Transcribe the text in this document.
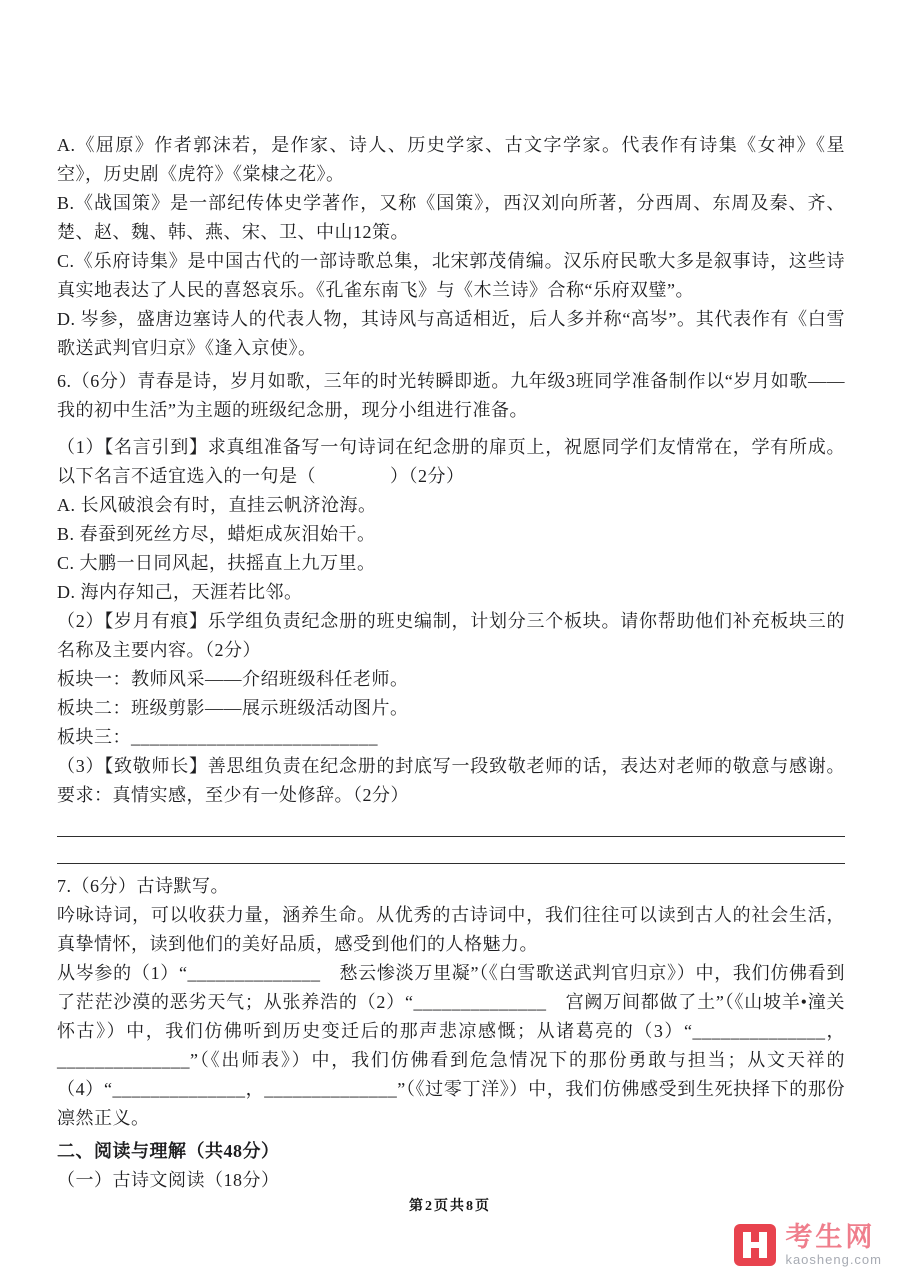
A.《屈原》作者郭沫若，是作家、诗人、历史学家、古文字学家。代表作有诗集《女神》《星空》，历史剧《虎符》《棠棣之花》。

B.《战国策》是一部纪传体史学著作，又称《国策》，西汉刘向所著，分西周、东周及秦、齐、楚、赵、魏、韩、燕、宋、卫、中山12策。

C.《乐府诗集》是中国古代的一部诗歌总集，北宋郭茂倩编。汉乐府民歌大多是叙事诗，这些诗真实地表达了人民的喜怒哀乐。《孔雀东南飞》与《木兰诗》合称“乐府双璧”。

D. 岑参，盛唐边塞诗人的代表人物，其诗风与高适相近，后人多并称“高岑”。其代表作有《白雪歌送武判官归京》《逢入京使》。

6.（6分）青春是诗，岁月如歌，三年的时光转瞬即逝。九年级3班同学准备制作以“岁月如歌——我的初中生活”为主题的班级纪念册，现分小组进行准备。

（1）【名言引到】求真组准备写一句诗词在纪念册的扉页上，祝愿同学们友情常在，学有所成。以下名言不适宜选入的一句是（　　　　）（2分）

A. 长风破浪会有时，直挂云帆济沧海。

B. 春蚕到死丝方尽，蜡炬成灰泪始干。

C. 大鹏一日同风起，扶摇直上九万里。

D. 海内存知己，天涯若比邻。

（2）【岁月有痕】乐学组负责纪念册的班史编制，计划分三个板块。请你帮助他们补充板块三的名称及主要内容。（2分）

板块一：教师风采——介绍班级科任老师。

板块二：班级剪影——展示班级活动图片。

板块三：__________________________

（3）【致敬师长】善思组负责在纪念册的封底写一段致敬老师的话，表达对老师的敬意与感谢。要求：真情实感，至少有一处修辞。（2分）

7.（6分）古诗默写。

吟咏诗词，可以收获力量，涵养生命。从优秀的古诗词中，我们往往可以读到古人的社会生活，真挚情怀，读到他们的美好品质，感受到他们的人格魅力。

从岑参的（1）“______________　愁云惨淡万里凝”（《白雪歌送武判官归京》）中，我们仿佛看到了茫茫沙漠的恶劣天气；从张养浩的（2）“______________　宫阙万间都做了土”（《山坡羊•潼关怀古》）中，我们仿佛听到历史变迁后的那声悲凉感慨；从诸葛亮的（3）“______________，______________”（《出师表》）中，我们仿佛看到危急情况下的那份勇敢与担当；从文天祥的（4）“______________，______________”（《过零丁洋》）中，我们仿佛感受到生死抉择下的那份凛然正义。

二、阅读与理解（共48分）

（一）古诗文阅读（18分）

第2页共8页
考生网
kaosheng.com
